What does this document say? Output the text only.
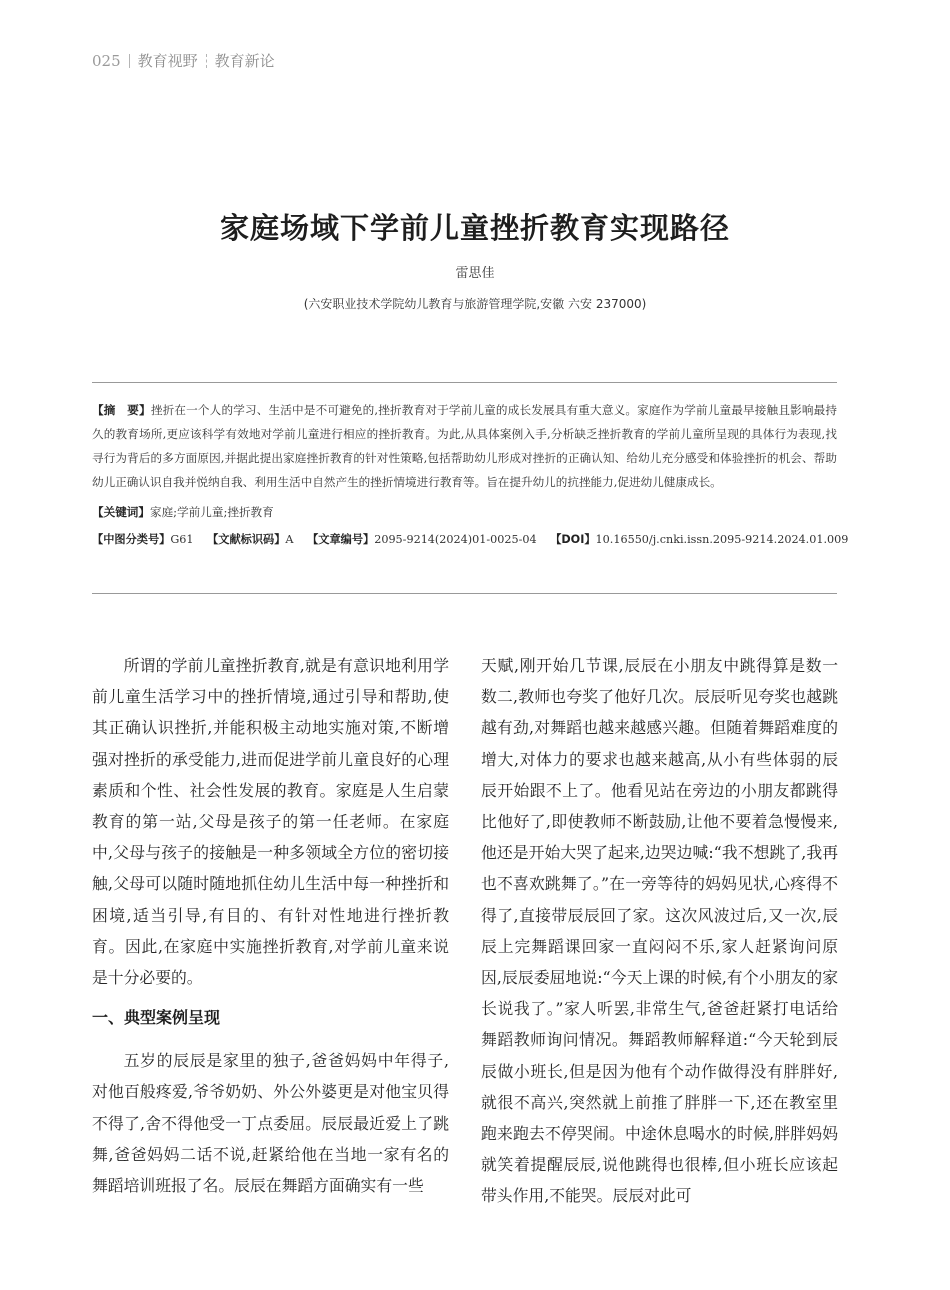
025 教育视野 教育新论
家庭场域下学前儿童挫折教育实现路径
雷思佳
(六安职业技术学院幼儿教育与旅游管理学院,安徽 六安 237000)
【摘　要】挫折在一个人的学习、生活中是不可避免的,挫折教育对于学前儿童的成长发展具有重大意义。家庭作为学前儿童最早接触且影响最持久的教育场所,更应该科学有效地对学前儿童进行相应的挫折教育。为此,从具体案例入手,分析缺乏挫折教育的学前儿童所呈现的具体行为表现,找寻行为背后的多方面原因,并据此提出家庭挫折教育的针对性策略,包括帮助幼儿形成对挫折的正确认知、给幼儿充分感受和体验挫折的机会、帮助幼儿正确认识自我并悦纳自我、利用生活中自然产生的挫折情境进行教育等。旨在提升幼儿的抗挫能力,促进幼儿健康成长。
【关键词】家庭;学前儿童;挫折教育
【中图分类号】G61 【文献标识码】A 【文章编号】2095-9214(2024)01-0025-04 【DOI】10.16550/j.cnki.issn.2095-9214.2024.01.009

所谓的学前儿童挫折教育,就是有意识地利用学前儿童生活学习中的挫折情境,通过引导和帮助,使其正确认识挫折,并能积极主动地实施对策,不断增强对挫折的承受能力,进而促进学前儿童良好的心理素质和个性、社会性发展的教育。家庭是人生启蒙教育的第一站,父母是孩子的第一任老师。在家庭中,父母与孩子的接触是一种多领域全方位的密切接触,父母可以随时随地抓住幼儿生活中每一种挫折和困境,适当引导,有目的、有针对性地进行挫折教育。因此,在家庭中实施挫折教育,对学前儿童来说是十分必要的。

一、典型案例呈现

五岁的辰辰是家里的独子,爸爸妈妈中年得子,对他百般疼爱,爷爷奶奶、外公外婆更是对他宝贝得不得了,舍不得他受一丁点委屈。辰辰最近爱上了跳舞,爸爸妈妈二话不说,赶紧给他在当地一家有名的舞蹈培训班报了名。辰辰在舞蹈方面确实有一些

天赋,刚开始几节课,辰辰在小朋友中跳得算是数一数二,教师也夸奖了他好几次。辰辰听见夸奖也越跳越有劲,对舞蹈也越来越感兴趣。但随着舞蹈难度的增大,对体力的要求也越来越高,从小有些体弱的辰辰开始跟不上了。他看见站在旁边的小朋友都跳得比他好了,即使教师不断鼓励,让他不要着急慢慢来,他还是开始大哭了起来,边哭边喊:“我不想跳了,我再也不喜欢跳舞了。”在一旁等待的妈妈见状,心疼得不得了,直接带辰辰回了家。这次风波过后,又一次,辰辰上完舞蹈课回家一直闷闷不乐,家人赶紧询问原因,辰辰委屈地说:“今天上课的时候,有个小朋友的家长说我了。”家人听罢,非常生气,爸爸赶紧打电话给舞蹈教师询问情况。舞蹈教师解释道:“今天轮到辰辰做小班长,但是因为他有个动作做得没有胖胖好,就很不高兴,突然就上前推了胖胖一下,还在教室里跑来跑去不停哭闹。中途休息喝水的时候,胖胖妈妈就笑着提醒辰辰,说他跳得也很棒,但小班长应该起带头作用,不能哭。辰辰对此可
